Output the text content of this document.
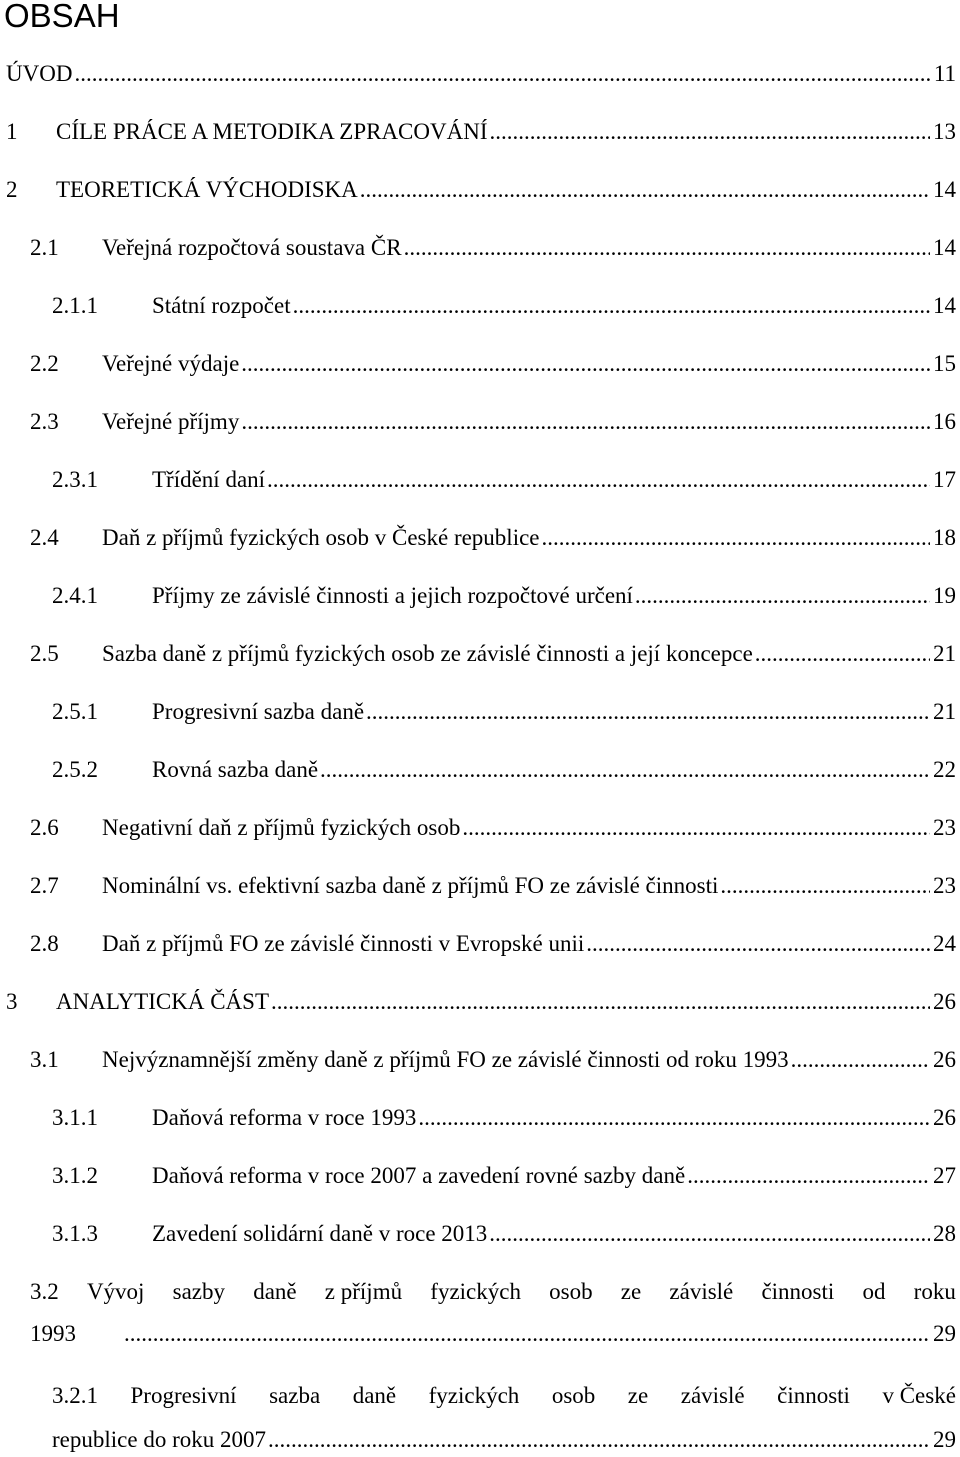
OBSAH
ÚVOD .....	11
1	CÍLE PRÁCE A METODIKA ZPRACOVÁNÍ .....	13
2	TEORETICKÁ VÝCHODISKA .....	14
2.1	Veřejná rozpočtová soustava ČR .....	14
2.1.1	Státní rozpočet .....	14
2.2	Veřejné výdaje .....	15
2.3	Veřejné příjmy .....	16
2.3.1	Třídění daní .....	17
2.4	Daň z příjmů fyzických osob v České republice .....	18
2.4.1	Příjmy ze závislé činnosti a jejich rozpočtové určení .....	19
2.5	Sazba daně z příjmů fyzických osob ze závislé činnosti a její koncepce .....	21
2.5.1	Progresivní sazba daně .....	21
2.5.2	Rovná sazba daně .....	22
2.6	Negativní daň z příjmů fyzických osob .....	23
2.7	Nominální vs. efektivní sazba daně z příjmů FO ze závislé činnosti .....	23
2.8	Daň z příjmů FO ze závislé činnosti v Evropské unii .....	24
3	ANALYTICKÁ ČÁST .....	26
3.1	Nejvýznamnější změny daně z příjmů FO ze závislé činnosti od roku 1993 .....	26
3.1.1	Daňová reforma v roce 1993 .....	26
3.1.2	Daňová reforma v roce 2007 a zavedení rovné sazby daně .....	27
3.1.3	Zavedení solidární daně v roce 2013 .....	28
3.2 Vývoj sazby daně z příjmů fyzických osob ze závislé činnosti od roku
1993   .....	29
3.2.1 Progresivní sazba daně fyzických osob ze závislé činnosti v České
republice do roku 2007 .....	29
